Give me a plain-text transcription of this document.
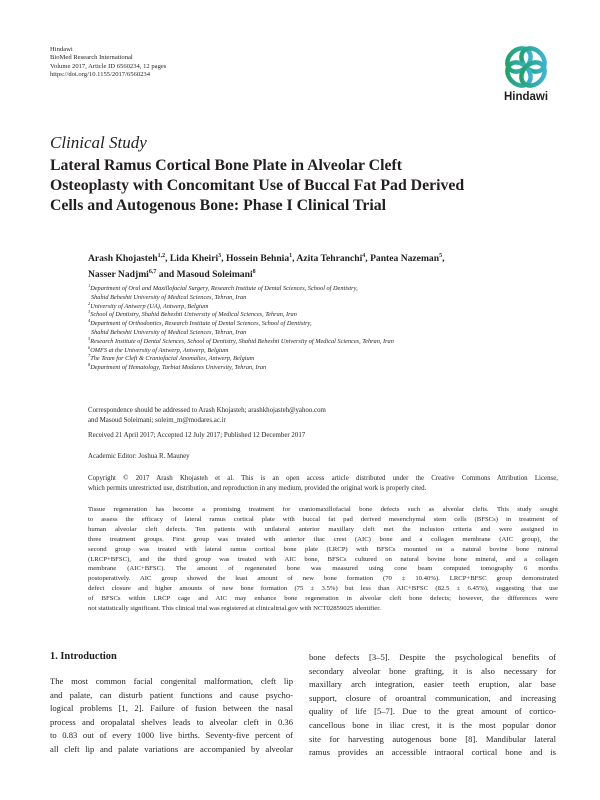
Hindawi
BioMed Research International
Volume 2017, Article ID 6560234, 12 pages
https://doi.org/10.1155/2017/6560234
Hindawi
Clinical Study
Lateral Ramus Cortical Bone Plate in Alveolar Cleft
Osteoplasty with Concomitant Use of Buccal Fat Pad Derived
Cells and Autogenous Bone: Phase I Clinical Trial
Arash Khojasteh$^{1,2}$, Lida Kheiri$^3$, Hossein Behnia$^1$, Azita Tehranchi$^4$, Pantea Nazeman$^5$,
Nasser Nadjmi$^{6,7}$ and Masoud Soleimani$^8$
$^1$Department of Oral and Maxillofacial Surgery, Research Institute of Dental Sciences, School of Dentistry,
Shahid Beheshti University of Medical Sciences, Tehran, Iran
$^2$University of Antwerp (UA), Antwerp, Belgium
$^3$School of Dentistry, Shahid Beheshti University of Medical Sciences, Tehran, Iran
$^4$Department of Orthodontics, Research Institute of Dental Sciences, School of Dentistry,
Shahid Beheshti University of Medical Sciences, Tehran, Iran
$^5$Research Institute of Dental Sciences, School of Dentistry, Shahid Beheshti University of Medical Sciences, Tehran, Iran
$^6$OMFS at the University of Antwerp, Antwerp, Belgium
$^7$The Team for Cleft & Craniofacial Anomalies, Antwerp, Belgium
$^8$Department of Hematology, Tarbiat Modares University, Tehran, Iran
Correspondence should be addressed to Arash Khojasteh; arashkhojasteh@yahoo.com
and Masoud Soleimani; soleim_m@modares.ac.ir
Received 21 April 2017; Accepted 12 July 2017; Published 12 December 2017
Academic Editor: Joshua R. Mauney
Copyright © 2017 Arash Khojasteh et al. This is an open access article distributed under the Creative Commons Attribution License,
which permits unrestricted use, distribution, and reproduction in any medium, provided the original work is properly cited.
Tissue regeneration has become a promising treatment for craniomaxillofacial bone defects such as alveolar clefts. This study sought
to assess the efficacy of lateral ramus cortical plate with buccal fat pad derived mesenchymal stem cells (BFSCs) in treatment of
human alveolar cleft defects. Ten patients with unilateral anterior maxillary cleft met the inclusion criteria and were assigned to
three treatment groups. First group was treated with anterior iliac crest (AIC) bone and a collagen membrane (AIC group), the
second group was treated with lateral ramus cortical bone plate (LRCP) with BFSCs mounted on a natural bovine bone mineral
(LRCP+BFSC), and the third group was treated with AIC bone, BFSCs cultured on natural bovine bone mineral, and a collagen
membrane (AIC+BFSC). The amount of regenerated bone was measured using cone beam computed tomography 6 months
postoperatively. AIC group showed the least amount of new bone formation (70 ± 10.40%). LRCP+BFSC group demonstrated
defect closure and higher amounts of new bone formation (75 ± 3.5%) but less than AIC+BFSC (82.5 ± 6.45%), suggesting that use
of BFSCs within LRCP cage and AIC may enhance bone regeneration in alveolar cleft bone defects; however, the differences were
not statistically significant. This clinical trial was registered at clinicaltrial.gov with NCT02859025 identifier.
1. Introduction
The most common facial congenital malformation, cleft lip
and palate, can disturb patient functions and cause psycho-
logical problems [1, 2]. Failure of fusion between the nasal
process and oropalatal shelves leads to alveolar cleft in 0.36
to 0.83 out of every 1000 live births. Seventy-five percent of
all cleft lip and palate variations are accompanied by alveolar
bone defects [3–5]. Despite the psychological benefits of
secondary alveolar bone grafting, it is also necessary for
maxillary arch integration, easier teeth eruption, alar base
support, closure of oroantral communication, and increasing
quality of life [5–7]. Due to the great amount of cortico-
cancellous bone in iliac crest, it is the most popular donor
site for harvesting autogenous bone [8]. Mandibular lateral
ramus provides an accessible intraoral cortical bone and is
